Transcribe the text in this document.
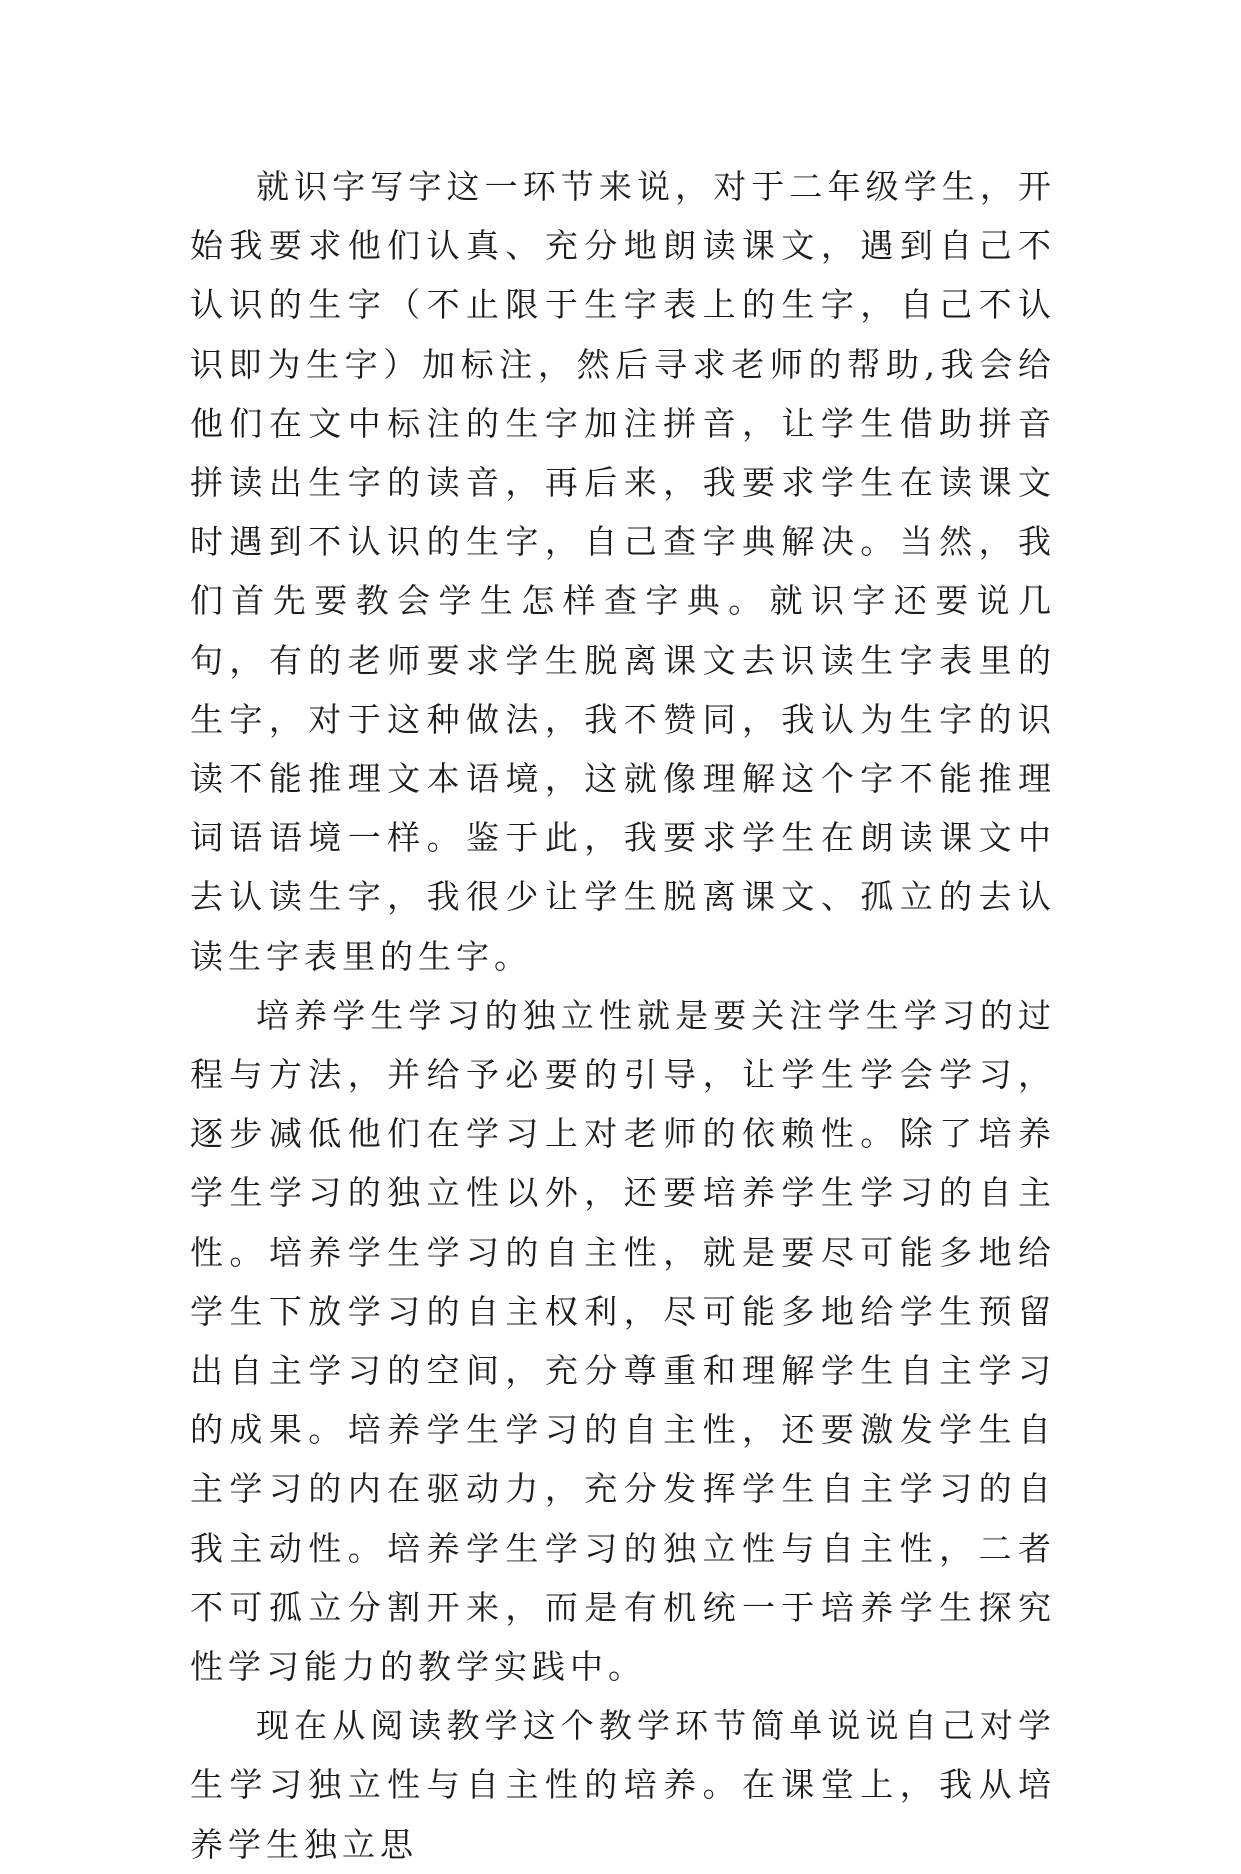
就识字写字这一环节来说，对于二年级学生，开始我要求他们认真、充分地朗读课文，遇到自己不认识的生字（不止限于生字表上的生字，自己不认识即为生字）加标注，然后寻求老师的帮助,我会给他们在文中标注的生字加注拼音，让学生借助拼音拼读出生字的读音，再后来，我要求学生在读课文时遇到不认识的生字，自己查字典解决。当然，我们首先要教会学生怎样查字典。就识字还要说几句，有的老师要求学生脱离课文去识读生字表里的生字，对于这种做法，我不赞同，我认为生字的识读不能推理文本语境，这就像理解这个字不能推理词语语境一样。鉴于此，我要求学生在朗读课文中去认读生字，我很少让学生脱离课文、孤立的去认读生字表里的生字。

培养学生学习的独立性就是要关注学生学习的过程与方法，并给予必要的引导，让学生学会学习，逐步减低他们在学习上对老师的依赖性。除了培养学生学习的独立性以外，还要培养学生学习的自主性。培养学生学习的自主性，就是要尽可能多地给学生下放学习的自主权利，尽可能多地给学生预留出自主学习的空间，充分尊重和理解学生自主学习的成果。培养学生学习的自主性，还要激发学生自主学习的内在驱动力，充分发挥学生自主学习的自我主动性。培养学生学习的独立性与自主性，二者不可孤立分割开来，而是有机统一于培养学生探究性学习能力的教学实践中。

现在从阅读教学这个教学环节简单说说自己对学生学习独立性与自主性的培养。在课堂上，我从培养学生独立思
